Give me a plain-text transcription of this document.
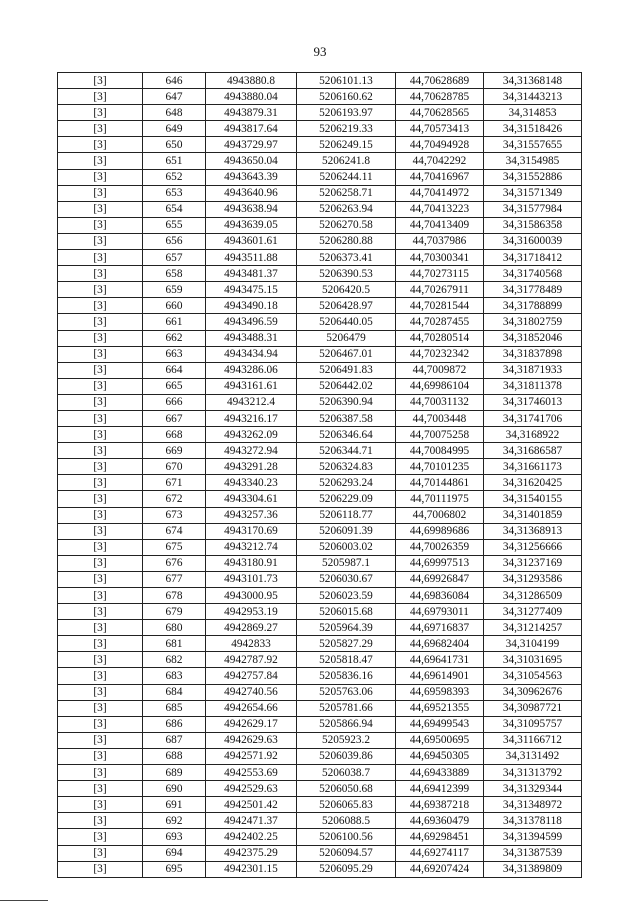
93
[3]	646	4943880.8	5206101.13	44,70628689	34,31368148
[3]	647	4943880.04	5206160.62	44,70628785	34,31443213
[3]	648	4943879.31	5206193.97	44,70628565	34,314853
[3]	649	4943817.64	5206219.33	44,70573413	34,31518426
[3]	650	4943729.97	5206249.15	44,70494928	34,31557655
[3]	651	4943650.04	5206241.8	44,7042292	34,3154985
[3]	652	4943643.39	5206244.11	44,70416967	34,31552886
[3]	653	4943640.96	5206258.71	44,70414972	34,31571349
[3]	654	4943638.94	5206263.94	44,70413223	34,31577984
[3]	655	4943639.05	5206270.58	44,70413409	34,31586358
[3]	656	4943601.61	5206280.88	44,7037986	34,31600039
[3]	657	4943511.88	5206373.41	44,70300341	34,31718412
[3]	658	4943481.37	5206390.53	44,70273115	34,31740568
[3]	659	4943475.15	5206420.5	44,70267911	34,31778489
[3]	660	4943490.18	5206428.97	44,70281544	34,31788899
[3]	661	4943496.59	5206440.05	44,70287455	34,31802759
[3]	662	4943488.31	5206479	44,70280514	34,31852046
[3]	663	4943434.94	5206467.01	44,70232342	34,31837898
[3]	664	4943286.06	5206491.83	44,7009872	34,31871933
[3]	665	4943161.61	5206442.02	44,69986104	34,31811378
[3]	666	4943212.4	5206390.94	44,70031132	34,31746013
[3]	667	4943216.17	5206387.58	44,7003448	34,31741706
[3]	668	4943262.09	5206346.64	44,70075258	34,3168922
[3]	669	4943272.94	5206344.71	44,70084995	34,31686587
[3]	670	4943291.28	5206324.83	44,70101235	34,31661173
[3]	671	4943340.23	5206293.24	44,70144861	34,31620425
[3]	672	4943304.61	5206229.09	44,70111975	34,31540155
[3]	673	4943257.36	5206118.77	44,7006802	34,31401859
[3]	674	4943170.69	5206091.39	44,69989686	34,31368913
[3]	675	4943212.74	5206003.02	44,70026359	34,31256666
[3]	676	4943180.91	5205987.1	44,69997513	34,31237169
[3]	677	4943101.73	5206030.67	44,69926847	34,31293586
[3]	678	4943000.95	5206023.59	44,69836084	34,31286509
[3]	679	4942953.19	5206015.68	44,69793011	34,31277409
[3]	680	4942869.27	5205964.39	44,69716837	34,31214257
[3]	681	4942833	5205827.29	44,69682404	34,3104199
[3]	682	4942787.92	5205818.47	44,69641731	34,31031695
[3]	683	4942757.84	5205836.16	44,69614901	34,31054563
[3]	684	4942740.56	5205763.06	44,69598393	34,30962676
[3]	685	4942654.66	5205781.66	44,69521355	34,30987721
[3]	686	4942629.17	5205866.94	44,69499543	34,31095757
[3]	687	4942629.63	5205923.2	44,69500695	34,31166712
[3]	688	4942571.92	5206039.86	44,69450305	34,3131492
[3]	689	4942553.69	5206038.7	44,69433889	34,31313792
[3]	690	4942529.63	5206050.68	44,69412399	34,31329344
[3]	691	4942501.42	5206065.83	44,69387218	34,31348972
[3]	692	4942471.37	5206088.5	44,69360479	34,31378118
[3]	693	4942402.25	5206100.56	44,69298451	34,31394599
[3]	694	4942375.29	5206094.57	44,69274117	34,31387539
[3]	695	4942301.15	5206095.29	44,69207424	34,31389809
